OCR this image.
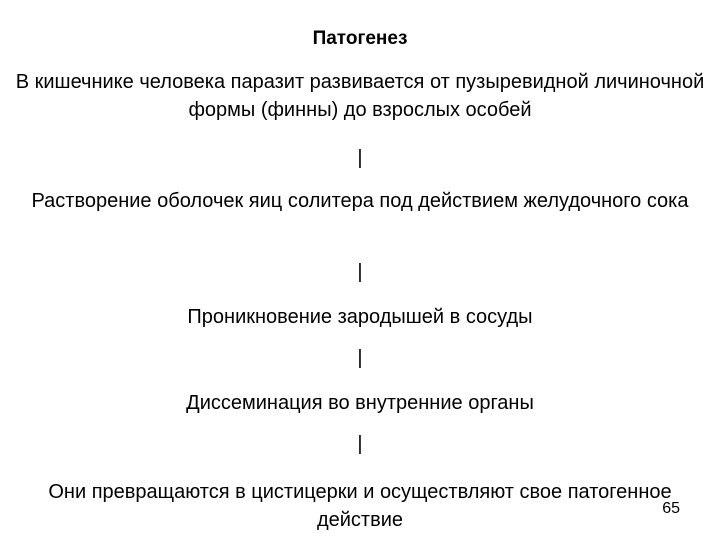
Патогенез
В кишечнике человека паразит развивается от пузыревидной личиночной формы (финны) до взрослых особей
|
Растворение оболочек яиц солитера под действием желудочного сока
|
Проникновение зародышей в сосуды
|
Диссеминация во внутренние органы
|
Они превращаются в цистицерки и осуществляют свое патогенное действие
65
